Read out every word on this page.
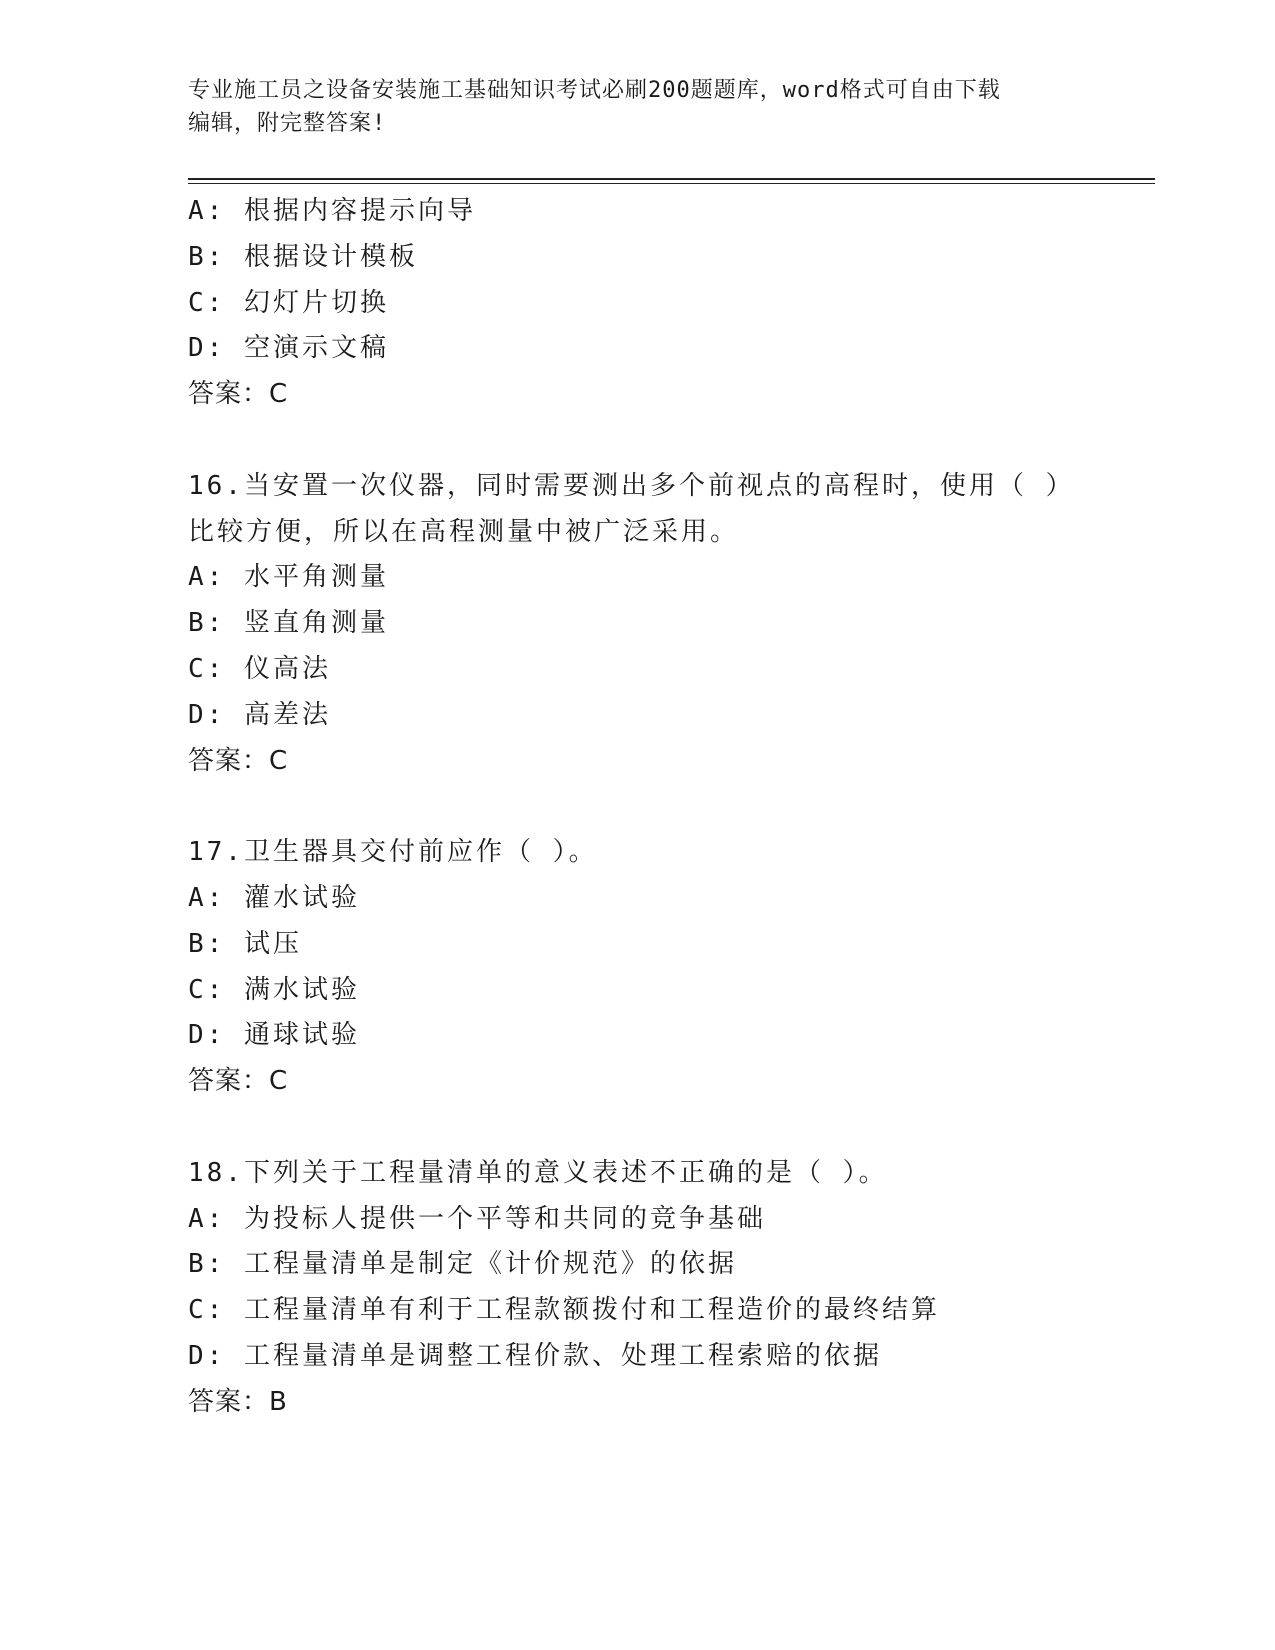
专业施工员之设备安装施工基础知识考试必刷200题题库，word格式可自由下载
编辑，附完整答案!
A: 根据内容提示向导
B: 根据设计模板
C: 幻灯片切换
D: 空演示文稿
答案：C
16.当安置一次仪器，同时需要测出多个前视点的高程时，使用（ ）
比较方便，所以在高程测量中被广泛采用。
A: 水平角测量
B: 竖直角测量
C: 仪高法
D: 高差法
答案：C
17.卫生器具交付前应作（ ）。
A: 灌水试验
B: 试压
C: 满水试验
D: 通球试验
答案：C
18.下列关于工程量清单的意义表述不正确的是（ ）。
A: 为投标人提供一个平等和共同的竞争基础
B: 工程量清单是制定《计价规范》的依据
C: 工程量清单有利于工程款额拨付和工程造价的最终结算
D: 工程量清单是调整工程价款、处理工程索赔的依据
答案：B
